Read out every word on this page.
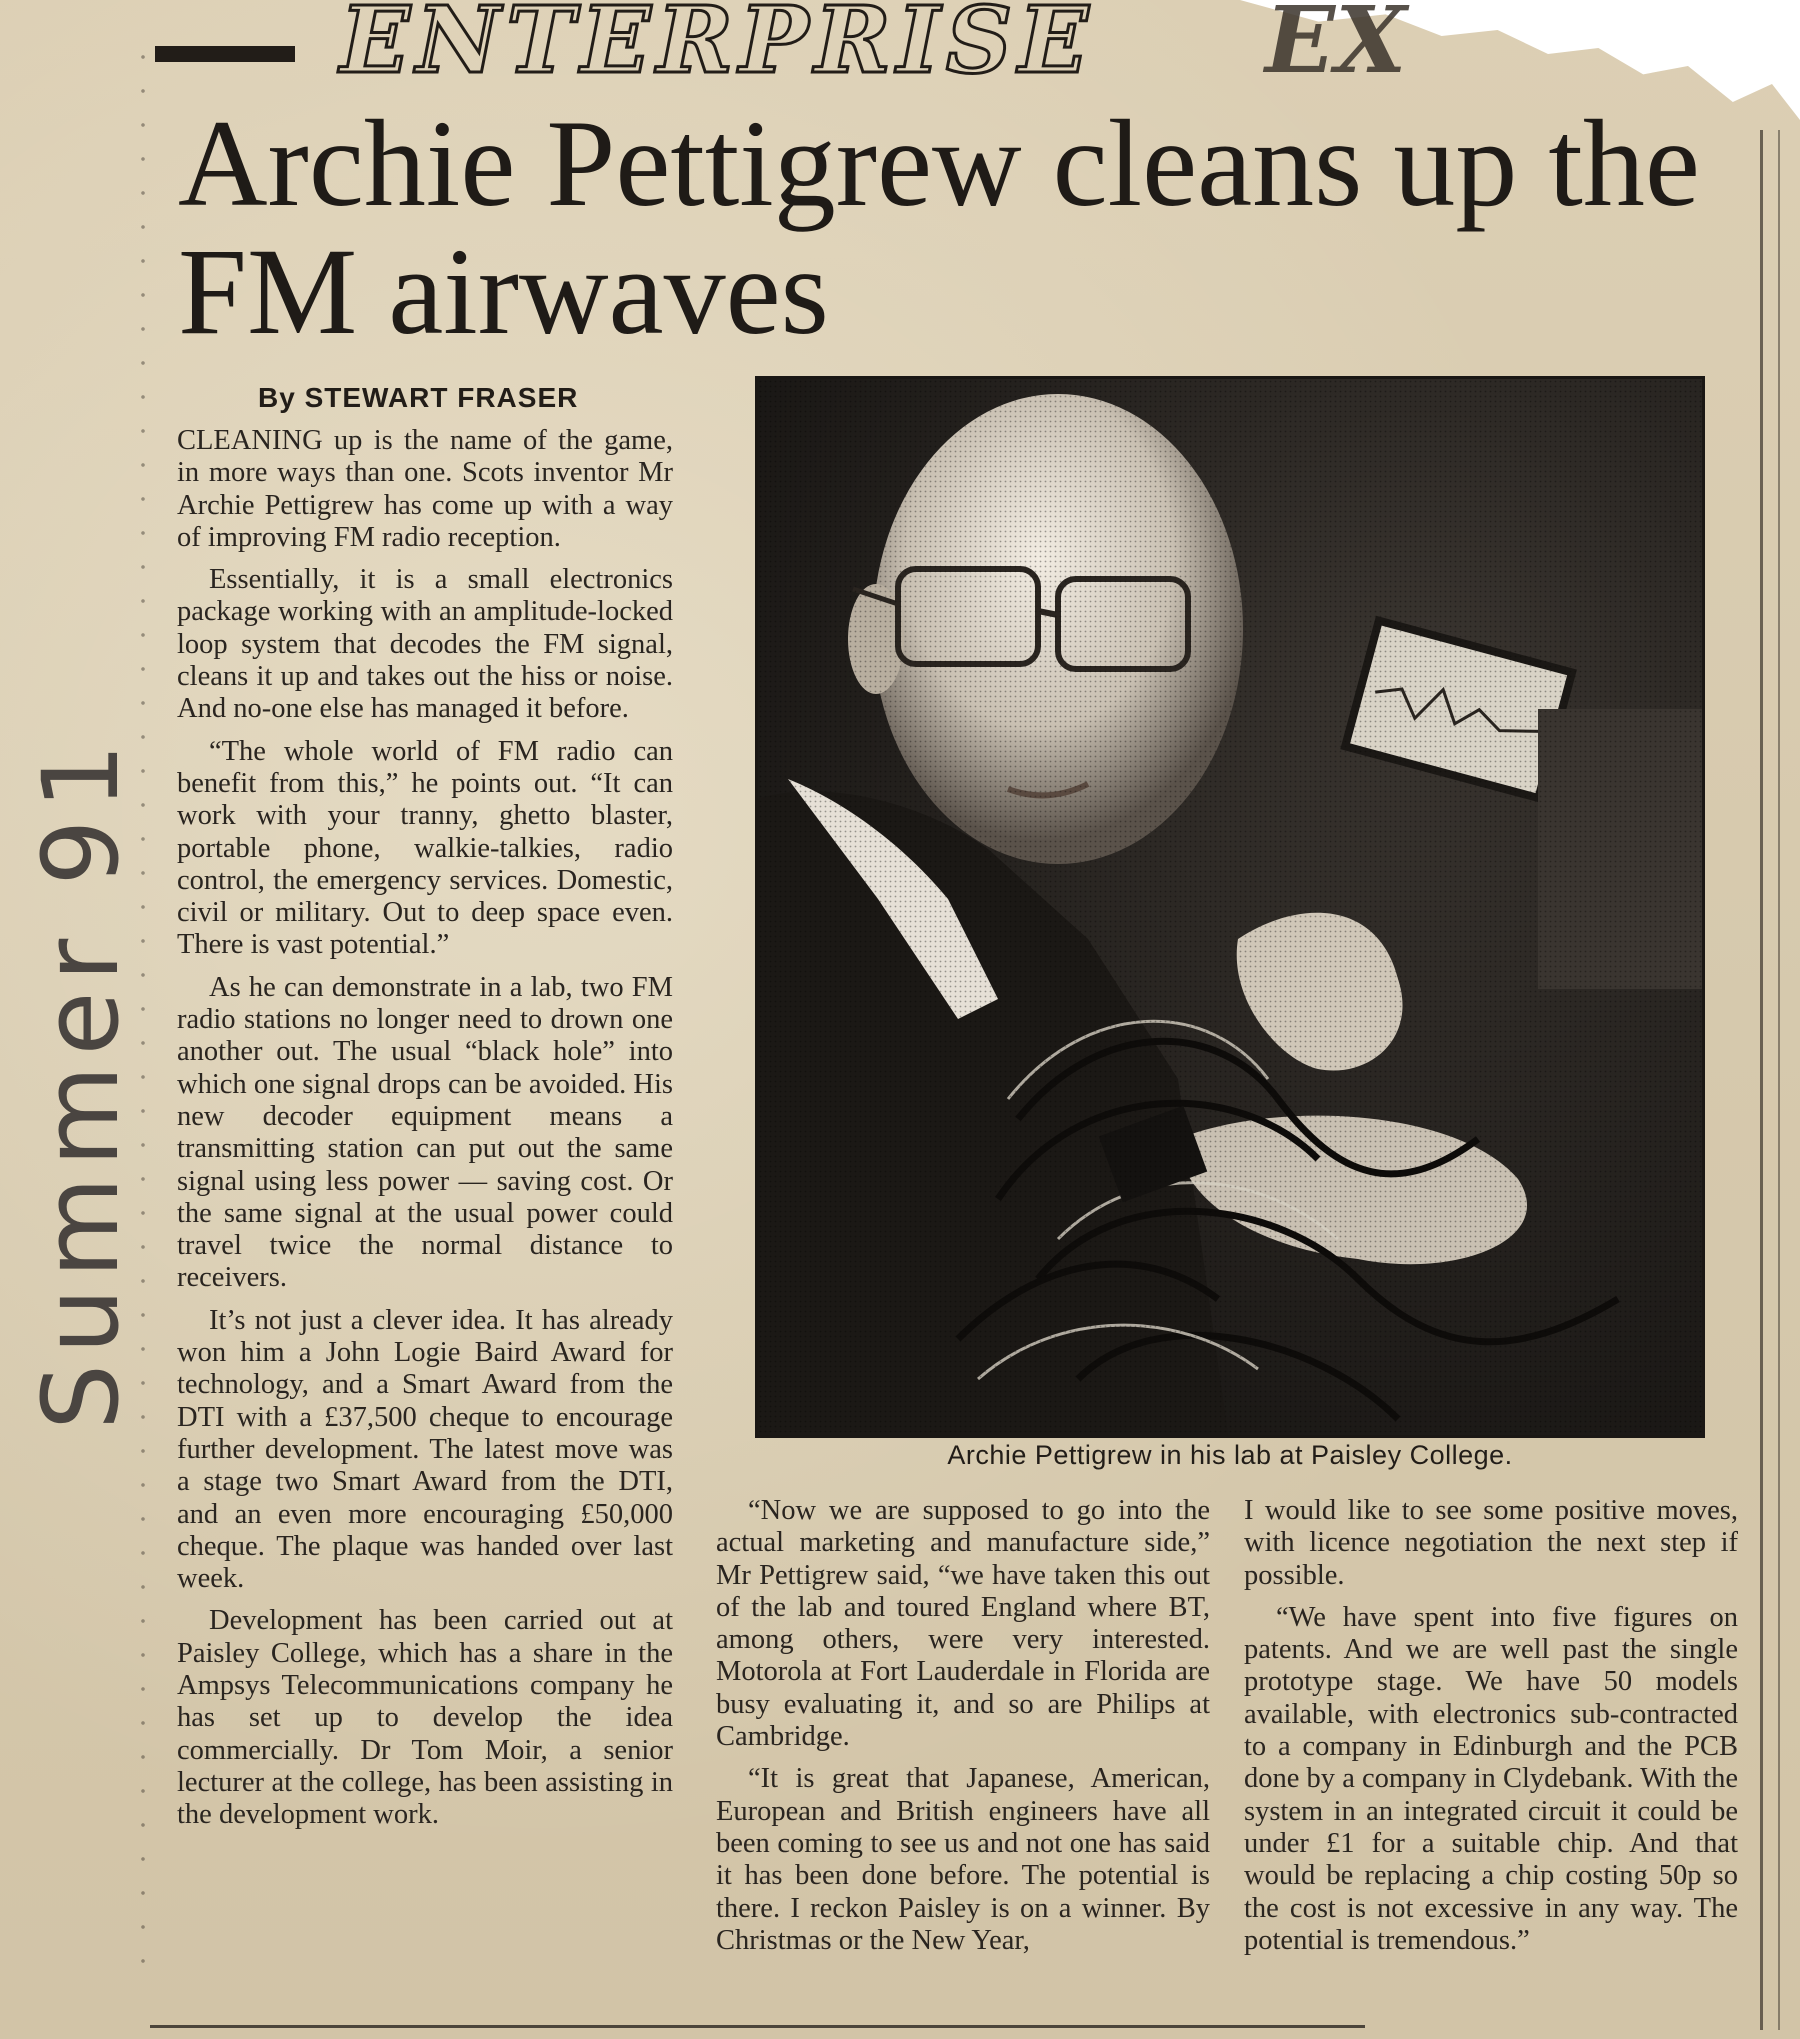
ENTERPRISE EX
Archie Pettigrew cleans up the FM airwaves
By STEWART FRASER

CLEANING up is the name of the game, in more ways than one. Scots inventor Mr Archie Pettigrew has come up with a way of improving FM radio reception.

Essentially, it is a small electronics package working with an amplitude-locked loop system that decodes the FM signal, cleans it up and takes out the hiss or noise. And no-one else has managed it before.

“The whole world of FM radio can benefit from this,” he points out. “It can work with your tranny, ghetto blaster, portable phone, walkie-talkies, radio control, the emergency services. Domestic, civil or military. Out to deep space even. There is vast potential.”

As he can demonstrate in a lab, two FM radio stations no longer need to drown one another out. The usual “black hole” into which one signal drops can be avoided. His new decoder equipment means a transmitting station can put out the same signal using less power — saving cost. Or the same signal at the usual power could travel twice the normal distance to receivers.

It’s not just a clever idea. It has already won him a John Logie Baird Award for technology, and a Smart Award from the DTI with a £37,500 cheque to encourage further development. The latest move was a stage two Smart Award from the DTI, and an even more encouraging £50,000 cheque. The plaque was handed over last week.

Development has been carried out at Paisley College, which has a share in the Ampsys Telecommunications company he has set up to develop the idea commercially. Dr Tom Moir, a senior lecturer at the college, has been assisting in the development work.

Archie Pettigrew in his lab at Paisley College.

“Now we are supposed to go into the actual marketing and manufacture side,” Mr Pettigrew said, “we have taken this out of the lab and toured England where BT, among others, were very interested. Motorola at Fort Lauderdale in Florida are busy evaluating it, and so are Philips at Cambridge.

“It is great that Japanese, American, European and British engineers have all been coming to see us and not one has said it has been done before. The potential is there. I reckon Paisley is on a winner. By Christmas or the New Year,

I would like to see some positive moves, with licence negotiation the next step if possible.

“We have spent into five figures on patents. And we are well past the single prototype stage. We have 50 models available, with electronics sub-contracted to a company in Edinburgh and the PCB done by a company in Clydebank. With the system in an integrated circuit it could be under £1 for a suitable chip. And that would be replacing a chip costing 50p so the cost is not excessive in any way. The potential is tremendous.”

Summer 91
